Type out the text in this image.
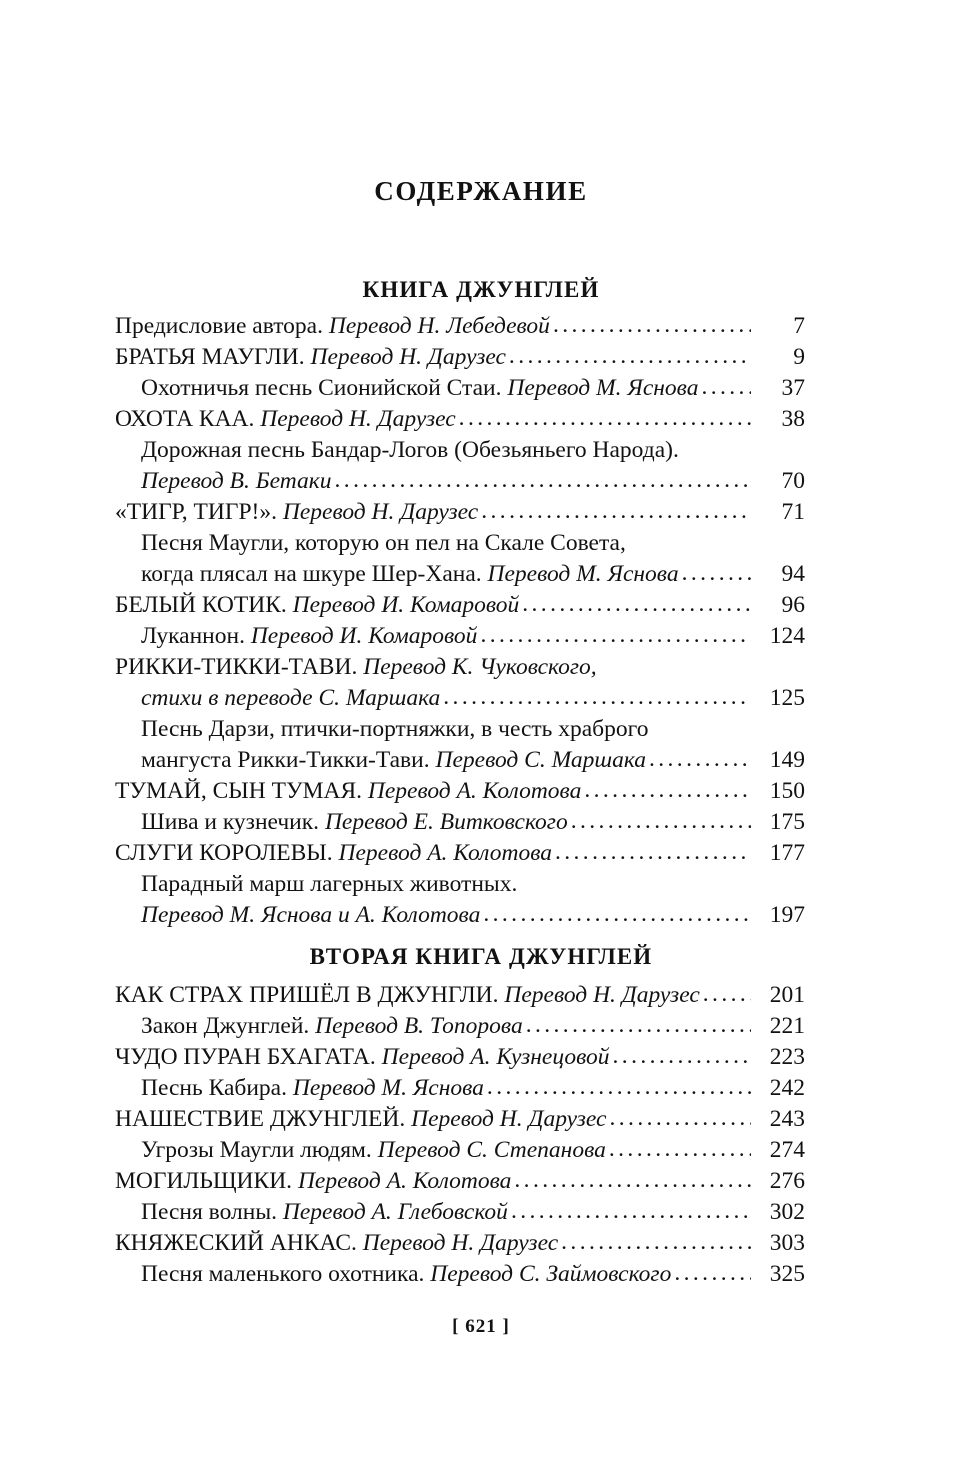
СОДЕРЖАНИЕ
КНИГА ДЖУНГЛЕЙ
Предисловие автора. Перевод Н. Лебедевой .....	7
БРАТЬЯ МАУГЛИ. Перевод Н. Дарузес .....	9
Охотничья песнь Сионийской Стаи. Перевод М. Яснова .....	37
ОХОТА КАА. Перевод Н. Дарузес .....	38
Дорожная песнь Бандар-Логов (Обезьяньего Народа).
Перевод В. Бетаки .....	70
«ТИГР, ТИГР!». Перевод Н. Дарузес .....	71
Песня Маугли, которую он пел на Скале Совета,
когда плясал на шкуре Шер-Хана. Перевод М. Яснова .....	94
БЕЛЫЙ КОТИК. Перевод И. Комаровой .....	96
Луканнон. Перевод И. Комаровой .....	124
РИККИ-ТИККИ-ТАВИ. Перевод К. Чуковского,
стихи в переводе С. Маршака .....	125
Песнь Дарзи, птички-портняжки, в честь храброго
мангуста Рикки-Тикки-Тави. Перевод С. Маршака .....	149
ТУМАЙ, СЫН ТУМАЯ. Перевод А. Колотова .....	150
Шива и кузнечик. Перевод Е. Витковского .....	175
СЛУГИ КОРОЛЕВЫ. Перевод А. Колотова .....	177
Парадный марш лагерных животных.
Перевод М. Яснова и А. Колотова .....	197
ВТОРАЯ КНИГА ДЖУНГЛЕЙ
КАК СТРАХ ПРИШЁЛ В ДЖУНГЛИ. Перевод Н. Дарузес .....	201
Закон Джунглей. Перевод В. Топорова .....	221
ЧУДО ПУРАН БХАГАТА. Перевод А. Кузнецовой .....	223
Песнь Кабира. Перевод М. Яснова .....	242
НАШЕСТВИЕ ДЖУНГЛЕЙ. Перевод Н. Дарузес .....	243
Угрозы Маугли людям. Перевод С. Степанова .....	274
МОГИЛЬЩИКИ. Перевод А. Колотова .....	276
Песня волны. Перевод А. Глебовской .....	302
КНЯЖЕСКИЙ АНКАС. Перевод Н. Дарузес .....	303
Песня маленького охотника. Перевод С. Займовского .....	325
[ 621 ]
